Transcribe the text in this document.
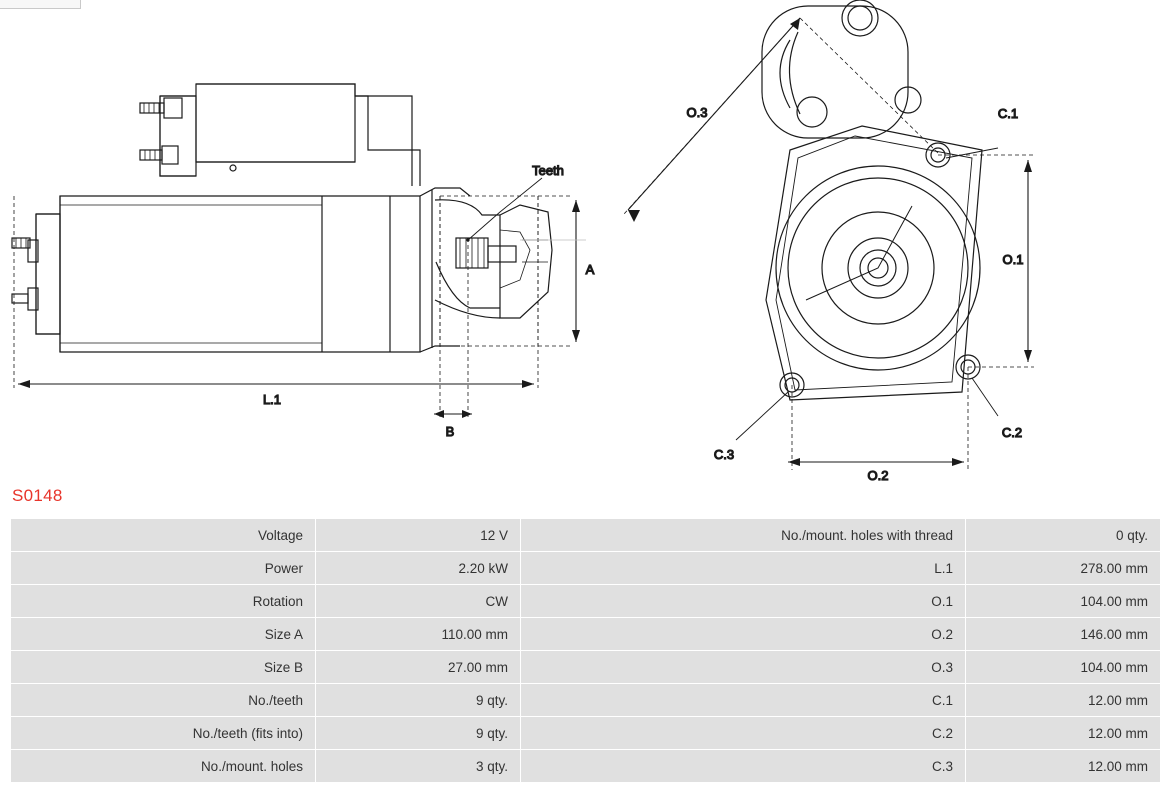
Teeth
L.1
A
B
O.1
O.2
O.3	C.1
C.2
C.3
S0148
Voltage	12 V	No./mount. holes with thread	0 qty.
Power	2.20 kW	L.1	278.00 mm
Rotation	CW	O.1	104.00 mm
Size A	110.00 mm	O.2	146.00 mm
Size B	27.00 mm	O.3	104.00 mm
No./teeth	9 qty.	C.1	12.00 mm
No./teeth (fits into)	9 qty.	C.2	12.00 mm
No./mount. holes	3 qty.	C.3	12.00 mm
